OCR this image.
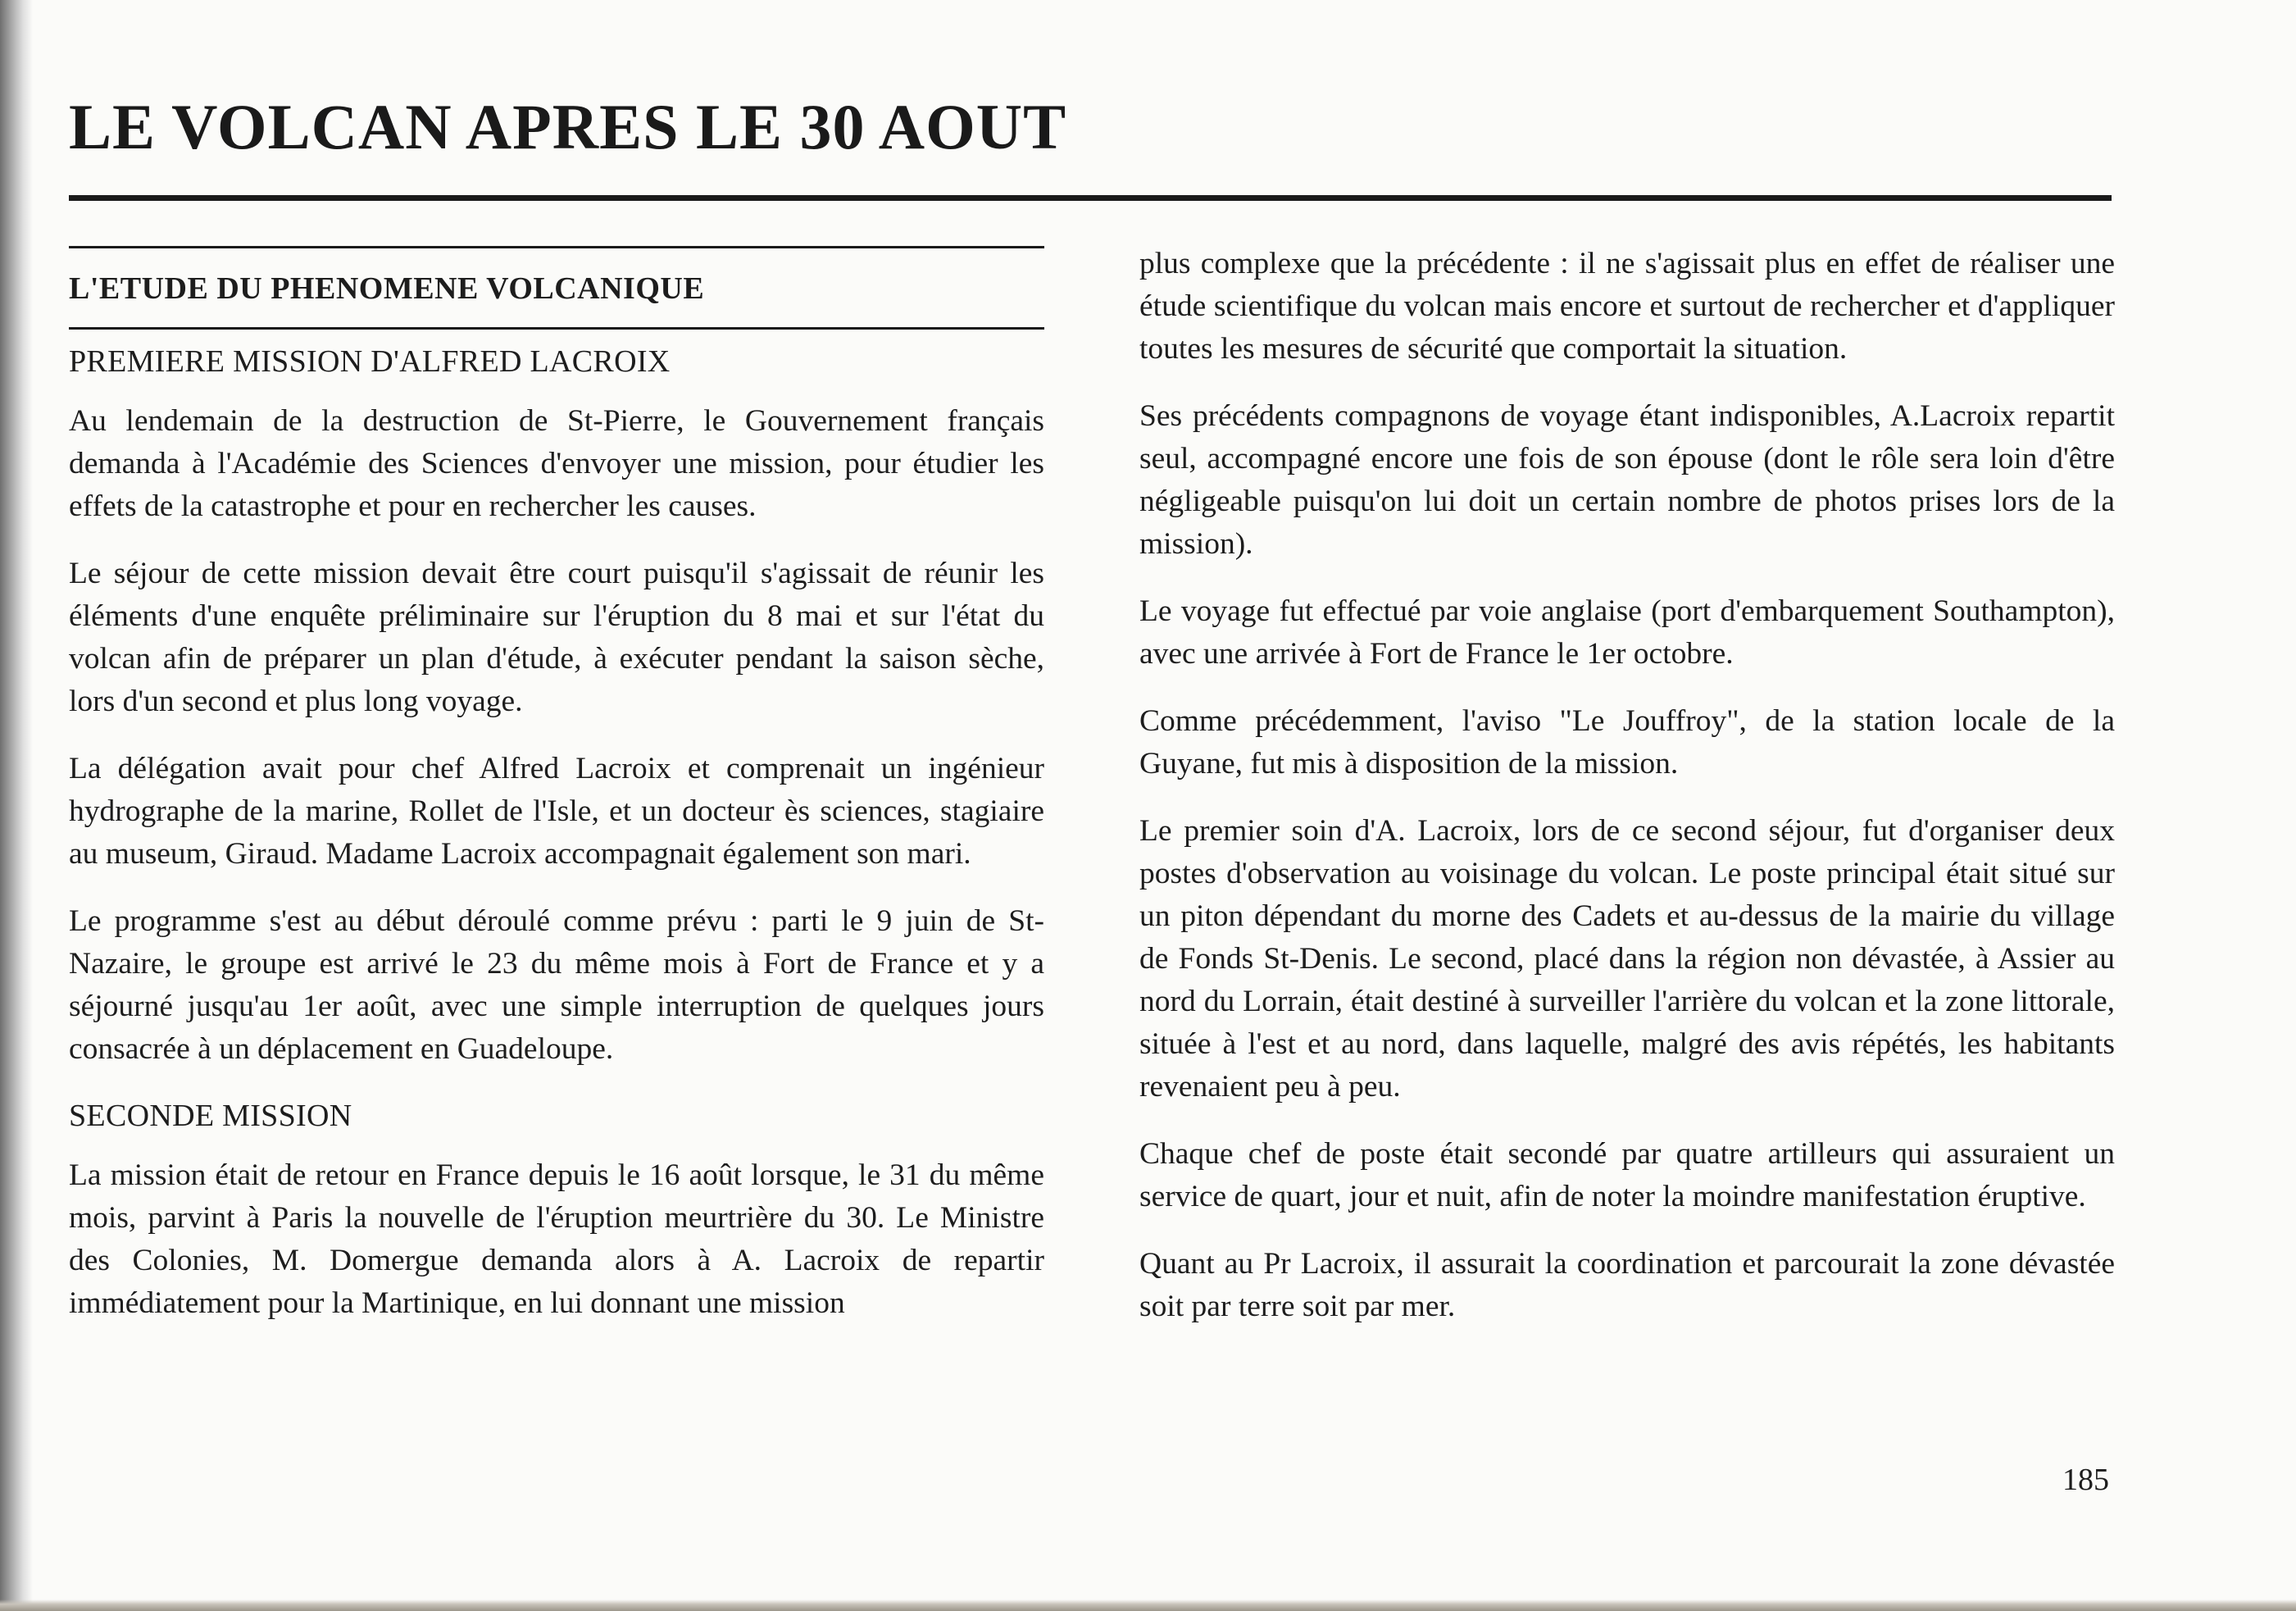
LE VOLCAN APRES LE 30 AOUT
L'ETUDE DU PHENOMENE VOLCANIQUE
PREMIERE MISSION D'ALFRED LACROIX

Au lendemain de la destruction de St-Pierre, le Gouvernement français demanda à l'Académie des Sciences d'envoyer une mission, pour étudier les effets de la catastrophe et pour en rechercher les causes.

Le séjour de cette mission devait être court puisqu'il s'agissait de réunir les éléments d'une enquête préliminaire sur l'éruption du 8 mai et sur l'état du volcan afin de préparer un plan d'étude, à exécuter pendant la saison sèche, lors d'un second et plus long voyage.

La délégation avait pour chef Alfred Lacroix et comprenait un ingénieur hydrographe de la marine, Rollet de l'Isle, et un docteur ès sciences, stagiaire au museum, Giraud. Madame Lacroix accompagnait également son mari.

Le programme s'est au début déroulé comme prévu : parti le 9 juin de St-Nazaire, le groupe est arrivé le 23 du même mois à Fort de France et y a séjourné jusqu'au 1er août, avec une simple interruption de quelques jours consacrée à un déplacement en Guadeloupe.

SECONDE MISSION

La mission était de retour en France depuis le 16 août lorsque, le 31 du même mois, parvint à Paris la nouvelle de l'éruption meurtrière du 30. Le Ministre des Colonies, M. Domergue demanda alors à A. Lacroix de repartir immédiatement pour la Martinique, en lui donnant une mission

plus complexe que la précédente : il ne s'agissait plus en effet de réaliser une étude scientifique du volcan mais encore et surtout de rechercher et d'appliquer toutes les mesures de sécurité que comportait la situation.

Ses précédents compagnons de voyage étant indisponibles, A.Lacroix repartit seul, accompagné encore une fois de son épouse (dont le rôle sera loin d'être négligeable puisqu'on lui doit un certain nombre de photos prises lors de la mission).

Le voyage fut effectué par voie anglaise (port d'embarquement Southampton), avec une arrivée à Fort de France le 1er octobre.

Comme précédemment, l'aviso "Le Jouffroy", de la station locale de la Guyane, fut mis à disposition de la mission.

Le premier soin d'A. Lacroix, lors de ce second séjour, fut d'organiser deux postes d'observation au voisinage du volcan. Le poste principal était situé sur un piton dépendant du morne des Cadets et au-dessus de la mairie du village de Fonds St-Denis. Le second, placé dans la région non dévastée, à Assier au nord du Lorrain, était destiné à surveiller l'arrière du volcan et la zone littorale, située à l'est et au nord, dans laquelle, malgré des avis répétés, les habitants revenaient peu à peu.

Chaque chef de poste était secondé par quatre artilleurs qui assuraient un service de quart, jour et nuit, afin de noter la moindre manifestation éruptive.

Quant au Pr Lacroix, il assurait la coordination et parcourait la zone dévastée soit par terre soit par mer.

185
